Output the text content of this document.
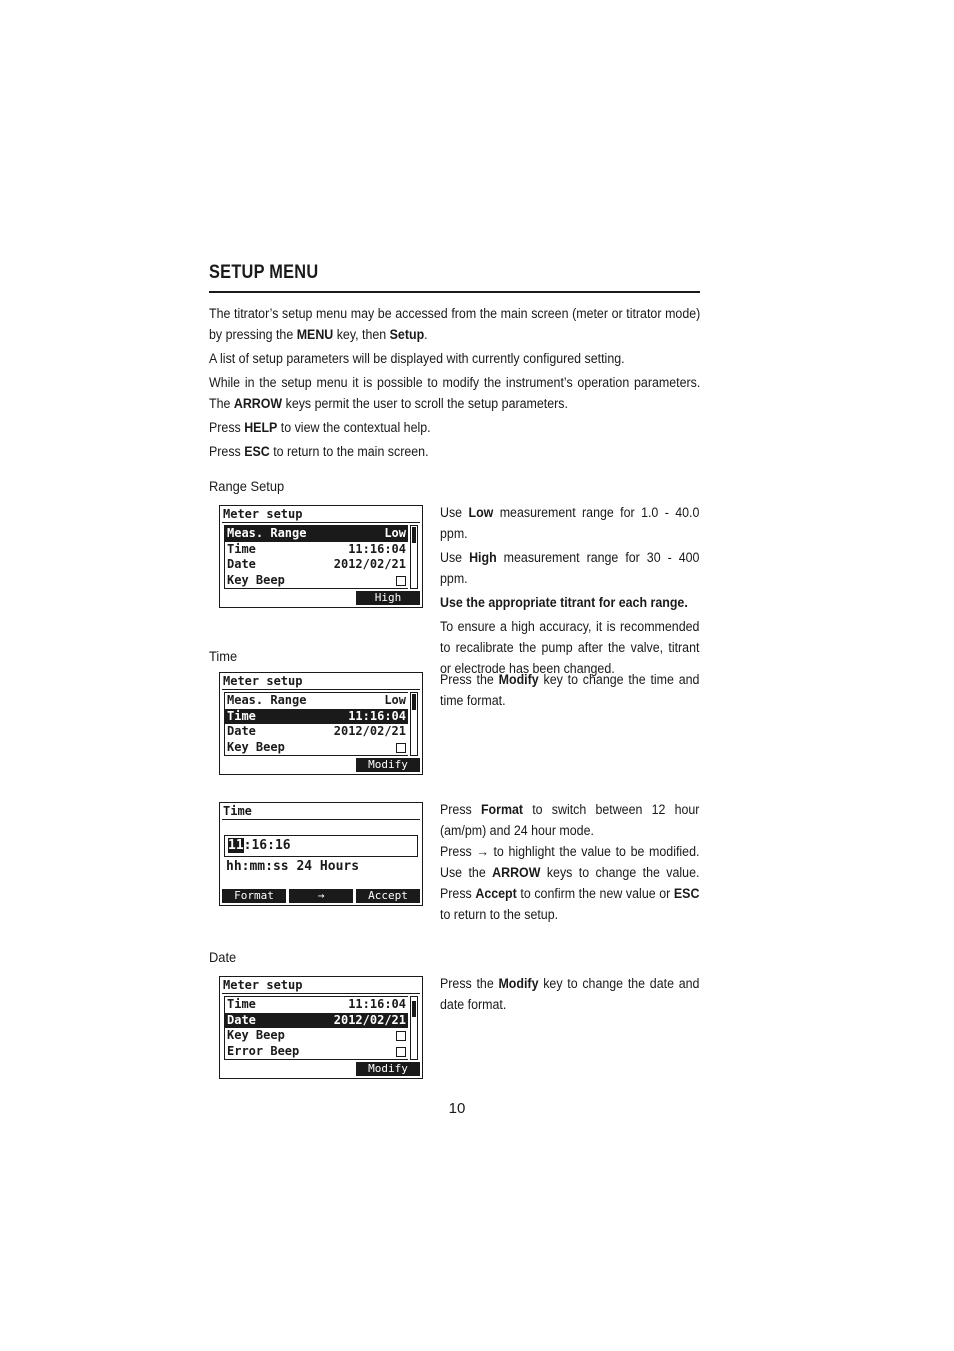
SETUP MENU
The titrator’s setup menu may be accessed from the main screen (meter or titrator mode) by pressing the MENU key, then Setup.
A list of setup parameters will be displayed with currently configured setting.
While in the setup menu it is possible to modify the instrument’s operation parameters. The ARROW keys permit the user to scroll the setup parameters.
Press HELP to view the contextual help.
Press ESC to return to the main screen.
Range Setup
Meter setup
Meas. Range	Low
Time	11:16:04
Date	2012/02/21
Key Beep
High

Use Low measurement range for 1.0 - 40.0 ppm.

Use High measurement range for 30 - 400 ppm.

Use the appropriate titrant for each range.

To ensure a high accuracy, it is recommended to recalibrate the pump after the valve, titrant or electrode has been changed.

Time
Meter setup
Meas. Range	Low
Time	11:16:04
Date	2012/02/21
Key Beep
Modify

Press the Modify key to change the time and time format.

Time
11:16:16
hh:mm:ss 24 Hours
Format	→	Accept

Press Format to switch between 12 hour (am/pm) and 24 hour mode.

Press → to highlight the value to be modified. Use the ARROW keys to change the value. Press Accept to confirm the new value or ESC to return to the setup.

Date
Meter setup
Time	11:16:04
Date	2012/02/21
Key Beep
Error Beep
Modify

Press the Modify key to change the date and date format.

10
